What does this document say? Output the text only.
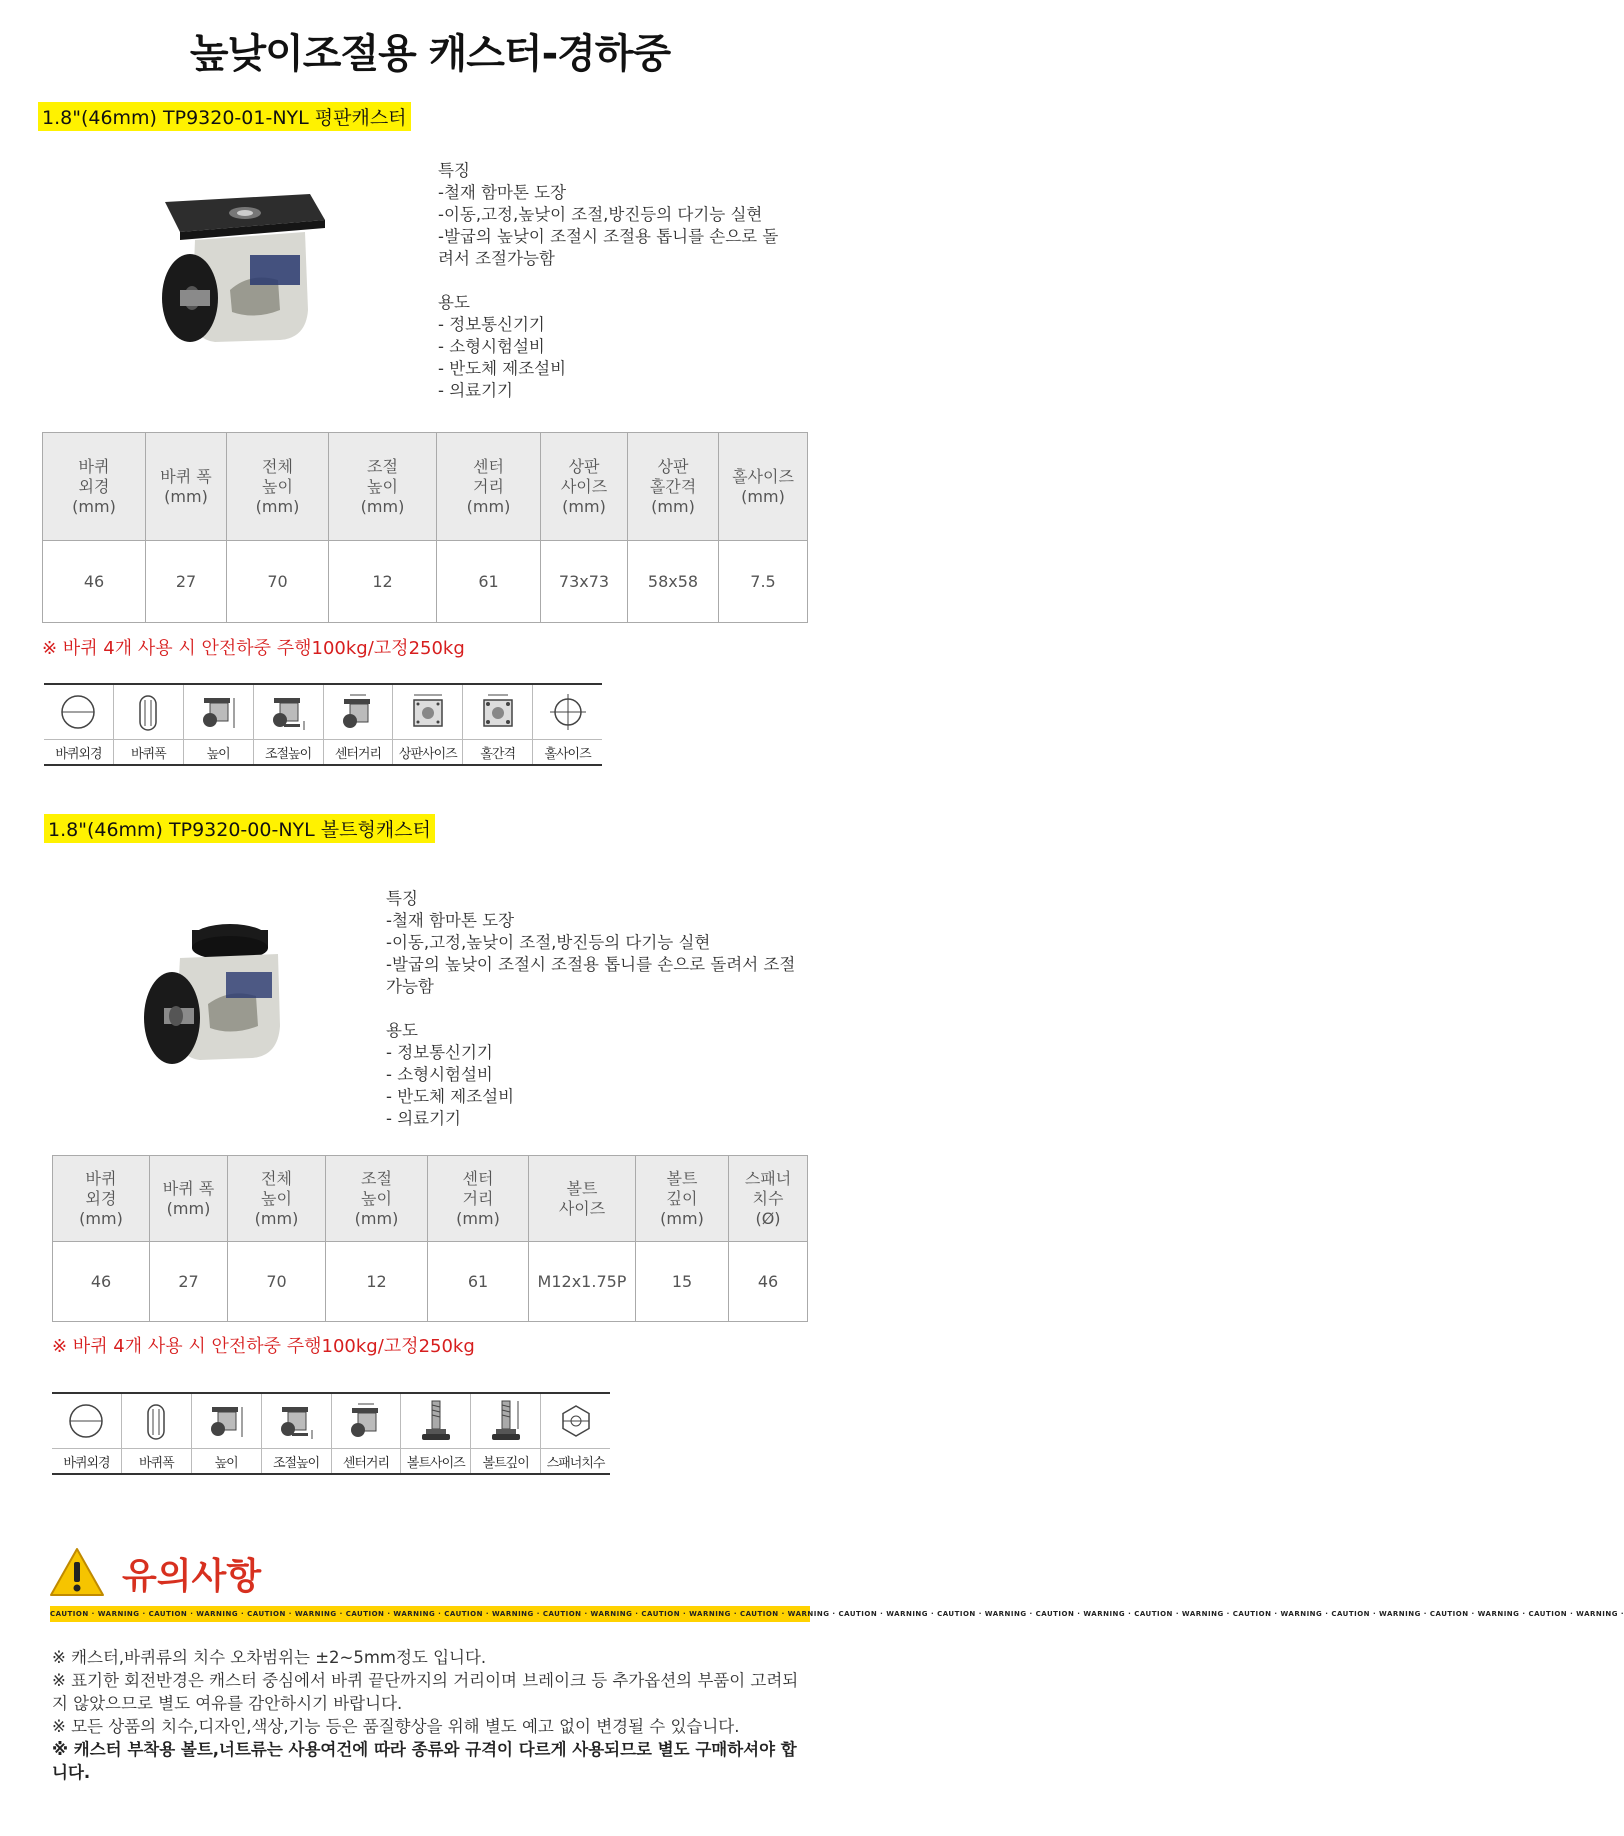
높낮이조절용 캐스터-경하중
1.8"(46mm) TP9320-01-NYL 평판캐스터
특징
-철재 함마톤 도장
-이동,고정,높낮이 조절,방진등의 다기능 실현
-발굽의 높낮이 조절시 조절용 톱니를 손으로 돌
려서 조절가능함

용도
- 정보통신기기
- 소형시험설비
- 반도체 제조설비
- 의료기기
바퀴
외경
(mm)	바퀴 폭
(mm)	전체
높이
(mm)	조절
높이
(mm)	센터
거리
(mm)	상판
사이즈
(mm)	상판
홀간격
(mm)	홀사이즈
(mm)
46	27	70	12	61	73x73	58x58	7.5
※ 바퀴 4개 사용 시 안전하중 주행100kg/고정250kg
바퀴외경	바퀴폭	높이	조절높이	센터거리	상판사이즈	홀간격	홀사이즈
1.8"(46mm) TP9320-00-NYL 볼트형캐스터
특징
-철재 함마톤 도장
-이동,고정,높낮이 조절,방진등의 다기능 실현
-발굽의 높낮이 조절시 조절용 톱니를 손으로 돌려서 조절
가능함

용도
- 정보통신기기
- 소형시험설비
- 반도체 제조설비
- 의료기기
바퀴
외경
(mm)	바퀴 폭
(mm)	전체
높이
(mm)	조절
높이
(mm)	센터
거리
(mm)	볼트
사이즈	볼트
깊이
(mm)	스패너
치수
(Ø)
46	27	70	12	61	M12x1.75P	15	46
※ 바퀴 4개 사용 시 안전하중 주행100kg/고정250kg
바퀴외경	바퀴폭	높이	조절높이	센터거리	볼트사이즈	볼트깊이	스패너치수
유의사항
CAUTION · WARNING · CAUTION · WARNING · CAUTION · WARNING · CAUTION · WARNING · CAUTION · WARNING · CAUTION · WARNING · CAUTION · WARNING · CAUTION · WARNING · CAUTION · WARNING · CAUTION · WARNING · CAUTION · WARNING · CAUTION · WARNING · CAUTION · WARNING · CAUTION · WARNING · CAUTION · WARNING · CAUTION · WARNING ·
※ 캐스터,바퀴류의 치수 오차범위는 ±2~5mm정도 입니다.
※ 표기한 회전반경은 캐스터 중심에서 바퀴 끝단까지의 거리이며 브레이크 등 추가옵션의 부품이 고려되지 않았으므로 별도 여유를 감안하시기 바랍니다.
※ 모든 상품의 치수,디자인,색상,기능 등은 품질향상을 위해 별도 예고 없이 변경될 수 있습니다.
※ 캐스터 부착용 볼트,너트류는 사용여건에 따라 종류와 규격이 다르게 사용되므로 별도 구매하셔야 합니다.
